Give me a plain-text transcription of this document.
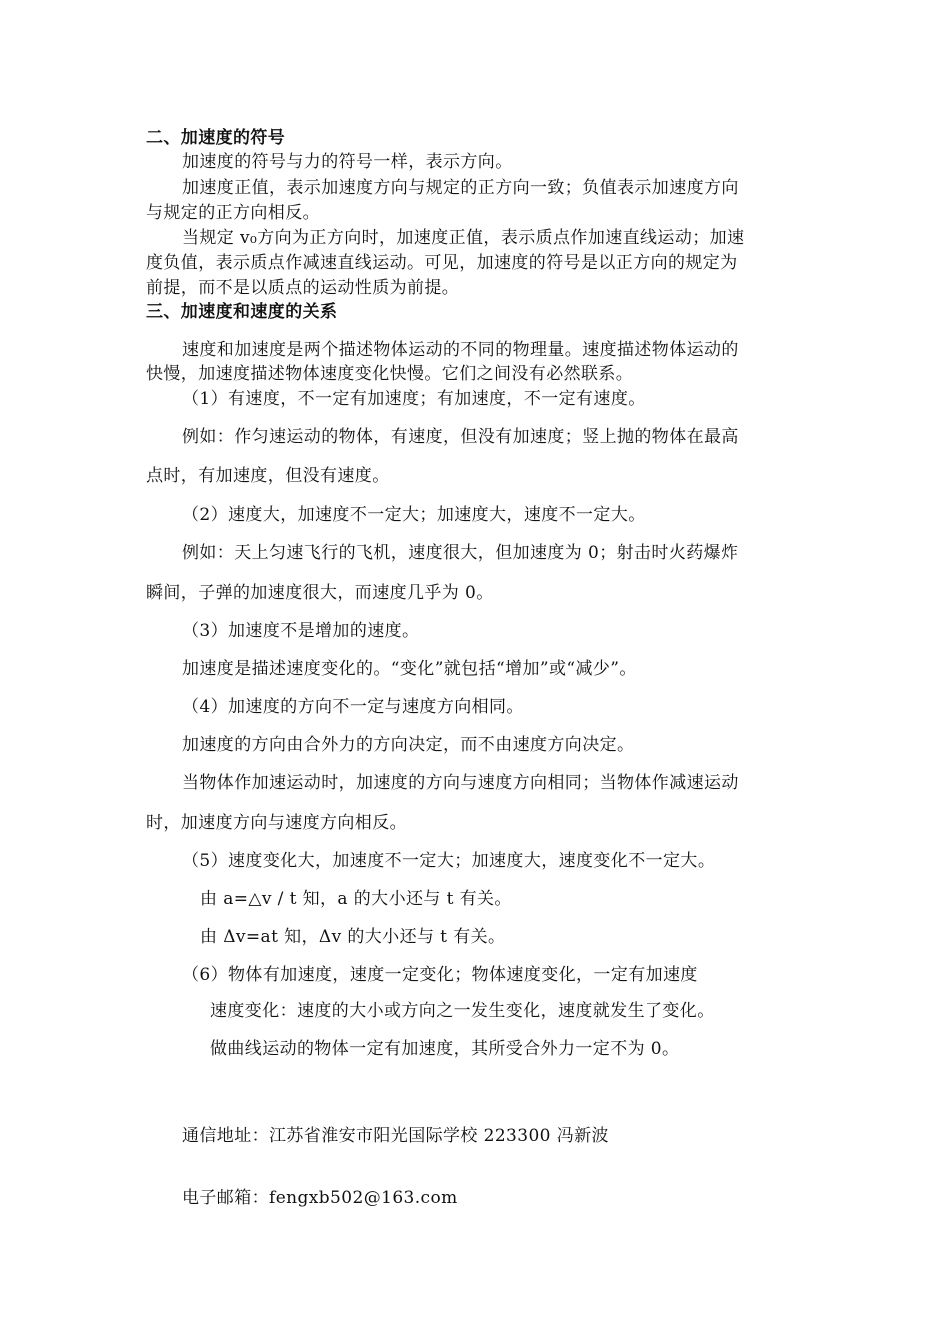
二、加速度的符号
加速度的符号与力的符号一样，表示方向。
加速度正值，表示加速度方向与规定的正方向一致；负值表示加速度方向
与规定的正方向相反。
当规定 v₀方向为正方向时，加速度正值，表示质点作加速直线运动；加速
度负值，表示质点作减速直线运动。可见，加速度的符号是以正方向的规定为
前提，而不是以质点的运动性质为前提。
三、加速度和速度的关系
速度和加速度是两个描述物体运动的不同的物理量。速度描述物体运动的
快慢，加速度描述物体速度变化快慢。它们之间没有必然联系。
（1）有速度，不一定有加速度；有加速度，不一定有速度。
例如：作匀速运动的物体，有速度，但没有加速度；竖上抛的物体在最高
点时，有加速度，但没有速度。
（2）速度大，加速度不一定大；加速度大，速度不一定大。
例如：天上匀速飞行的飞机，速度很大，但加速度为 0；射击时火药爆炸
瞬间，子弹的加速度很大，而速度几乎为 0。
（3）加速度不是增加的速度。
加速度是描述速度变化的。“变化”就包括“增加”或“减少”。
（4）加速度的方向不一定与速度方向相同。
加速度的方向由合外力的方向决定，而不由速度方向决定。
当物体作加速运动时，加速度的方向与速度方向相同；当物体作减速运动
时，加速度方向与速度方向相反。
（5）速度变化大，加速度不一定大；加速度大，速度变化不一定大。
由 a=△v / t 知，a 的大小还与 t 有关。
由 Δv=at 知，Δv 的大小还与 t 有关。
（6）物体有加速度，速度一定变化；物体速度变化，一定有加速度
速度变化：速度的大小或方向之一发生变化，速度就发生了变化。
做曲线运动的物体一定有加速度，其所受合外力一定不为 0。
通信地址：江苏省淮安市阳光国际学校 223300 冯新波
电子邮箱：fengxb502@163.com
